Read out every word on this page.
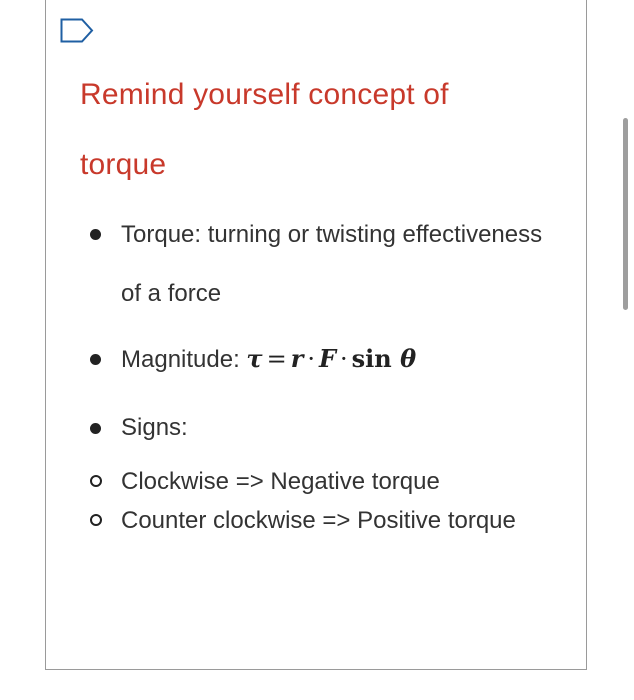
Remind yourself concept of torque
Torque: turning or twisting effectiveness of a force
Magnitude: τ = r · F · sin θ
Signs:
Clockwise => Negative torque
Counter clockwise => Positive torque
